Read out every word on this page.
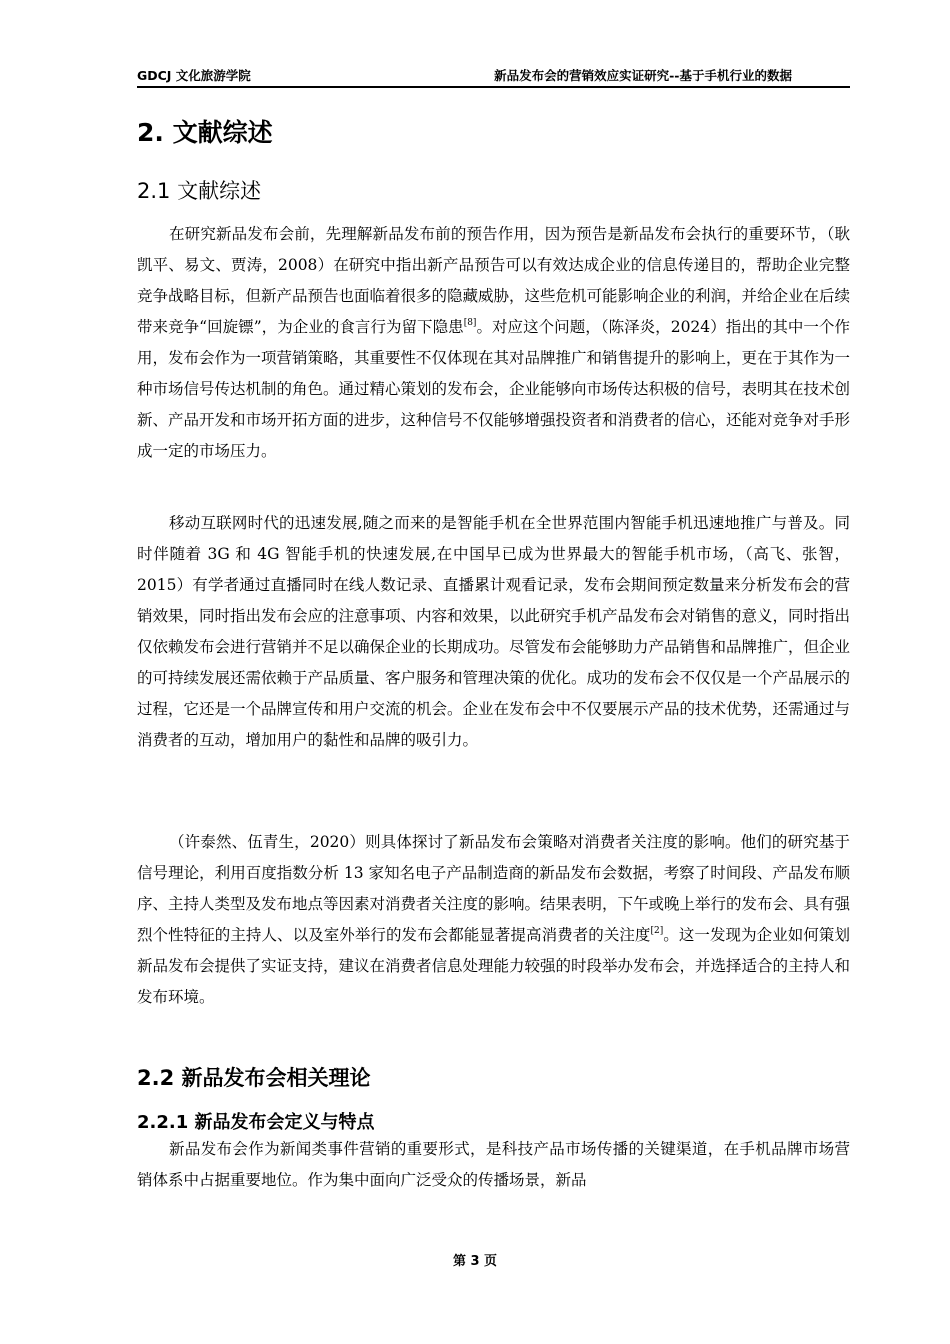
GDCJ 文化旅游学院	新品发布会的营销效应实证研究--基于手机行业的数据
2. 文献综述
2.1 文献综述

在研究新品发布会前，先理解新品发布前的预告作用，因为预告是新品发布会执行的重要环节，（耿凯平、易文、贾涛，2008）在研究中指出新产品预告可以有效达成企业的信息传递目的，帮助企业完整竞争战略目标，但新产品预告也面临着很多的隐藏威胁，这些危机可能影响企业的利润，并给企业在后续带来竞争“回旋镖”，为企业的食言行为留下隐患[8]。对应这个问题，（陈泽炎，2024）指出的其中一个作用，发布会作为一项营销策略，其重要性不仅体现在其对品牌推广和销售提升的影响上，更在于其作为一种市场信号传达机制的角色。通过精心策划的发布会，企业能够向市场传达积极的信号，表明其在技术创新、产品开发和市场开拓方面的进步，这种信号不仅能够增强投资者和消费者的信心，还能对竞争对手形成一定的市场压力。

移动互联网时代的迅速发展,随之而来的是智能手机在全世界范围内智能手机迅速地推广与普及。同时伴随着 3G 和 4G 智能手机的快速发展,在中国早已成为世界最大的智能手机市场，（高飞、张智，2015）有学者通过直播同时在线人数记录、直播累计观看记录，发布会期间预定数量来分析发布会的营销效果，同时指出发布会应的注意事项、内容和效果，以此研究手机产品发布会对销售的意义，同时指出仅依赖发布会进行营销并不足以确保企业的长期成功。尽管发布会能够助力产品销售和品牌推广，但企业的可持续发展还需依赖于产品质量、客户服务和管理决策的优化。成功的发布会不仅仅是一个产品展示的过程，它还是一个品牌宣传和用户交流的机会。企业在发布会中不仅要展示产品的技术优势，还需通过与消费者的互动，增加用户的黏性和品牌的吸引力。

（许泰然、伍青生，2020）则具体探讨了新品发布会策略对消费者关注度的影响。他们的研究基于信号理论，利用百度指数分析 13 家知名电子产品制造商的新品发布会数据，考察了时间段、产品发布顺序、主持人类型及发布地点等因素对消费者关注度的影响。结果表明，下午或晚上举行的发布会、具有强烈个性特征的主持人、以及室外举行的发布会都能显著提高消费者的关注度[2]。这一发现为企业如何策划新品发布会提供了实证支持，建议在消费者信息处理能力较强的时段举办发布会，并选择适合的主持人和发布环境。

2.2 新品发布会相关理论
2.2.1 新品发布会定义与特点

新品发布会作为新闻类事件营销的重要形式，是科技产品市场传播的关键渠道，在手机品牌市场营销体系中占据重要地位。作为集中面向广泛受众的传播场景，新品

第 3 页
